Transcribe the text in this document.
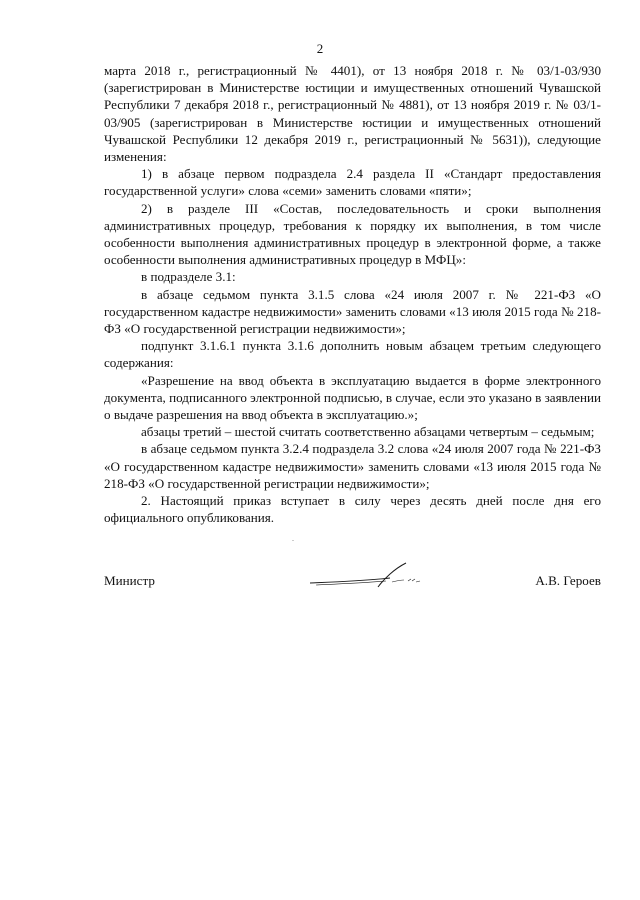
2

марта 2018 г., регистрационный № 4401), от 13 ноября 2018 г. № 03/1-03/930 (зарегистрирован в Министерстве юстиции и имущественных отношений Чувашской Республики 7 декабря 2018 г., регистрационный № 4881), от 13 ноября 2019 г. № 03/1-03/905 (зарегистрирован в Министерстве юстиции и имущественных отношений Чувашской Республики 12 декабря 2019 г., регистрационный № 5631)), следующие изменения:

1) в абзаце первом подраздела 2.4 раздела II «Стандарт предоставления государственной услуги» слова «семи» заменить словами «пяти»;

2) в разделе III «Состав, последовательность и сроки выполнения административных процедур, требования к порядку их выполнения, в том числе особенности выполнения административных процедур в электронной форме, а также особенности выполнения административных процедур в МФЦ»:

в подразделе 3.1:

в абзаце седьмом пункта 3.1.5 слова «24 июля 2007 г. № 221-ФЗ «О государственном кадастре недвижимости» заменить словами «13 июля 2015 года № 218-ФЗ «О государственной регистрации недвижимости»;

подпункт 3.1.6.1 пункта 3.1.6 дополнить новым абзацем третьим следующего содержания:

«Разрешение на ввод объекта в эксплуатацию выдается в форме электронного документа, подписанного электронной подписью, в случае, если это указано в заявлении о выдаче разрешения на ввод объекта в эксплуатацию.»;

абзацы третий – шестой считать соответственно абзацами четвертым – седьмым;

в абзаце седьмом пункта 3.2.4 подраздела 3.2 слова «24 июля 2007 года № 221-ФЗ «О государственном кадастре недвижимости» заменить словами «13 июля 2015 года № 218-ФЗ «О государственной регистрации недвижимости»;

2. Настоящий приказ вступает в силу через десять дней после дня его официального опубликования.

Министр	А.В. Героев
